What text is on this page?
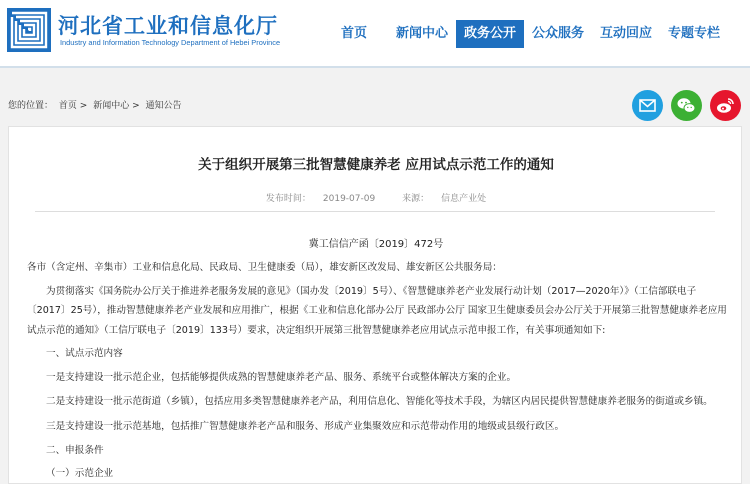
河北省工业和信息化厅
Industry and Information Technology Department of Hebei Province
首页	新闻中心	政务公开	公众服务	互动回应	专题专栏
您的位置： 首页 > 新闻中心 > 通知公告
关于组织开展第三批智慧健康养老 应用试点示范工作的通知
发布时间： 2019-07-09	来源： 信息产业处
冀工信信产函〔2019〕472号

各市（含定州、辛集市）工业和信息化局、民政局、卫生健康委（局），雄安新区改发局、雄安新区公共服务局：

为贯彻落实《国务院办公厅关于推进养老服务发展的意见》（国办发〔2019〕5号）、《智慧健康养老产业发展行动计划（2017—2020年）》（工信部联电子〔2017〕25号），推动智慧健康养老产业发展和应用推广，根据《工业和信息化部办公厅 民政部办公厅 国家卫生健康委员会办公厅关于开展第三批智慧健康养老应用试点示范的通知》（工信厅联电子〔2019〕133号）要求，决定组织开展第三批智慧健康养老应用试点示范申报工作，有关事项通知如下:

一、试点示范内容

一是支持建设一批示范企业，包括能够提供成熟的智慧健康养老产品、服务、系统平台或整体解决方案的企业。

二是支持建设一批示范街道（乡镇），包括应用多类智慧健康养老产品，利用信息化、智能化等技术手段，为辖区内居民提供智慧健康养老服务的街道或乡镇。

三是支持建设一批示范基地，包括推广智慧健康养老产品和服务、形成产业集聚效应和示范带动作用的地级或县级行政区。

二、申报条件

（一）示范企业
